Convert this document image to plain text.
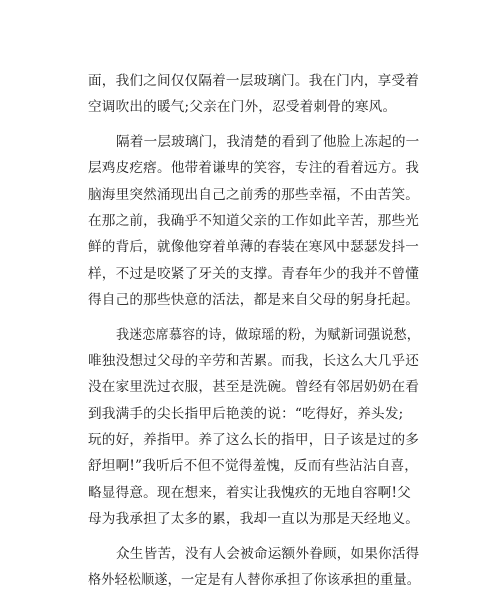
面，我们之间仅仅隔着一层玻璃门。我在门内，享受着
空调吹出的暖气;父亲在门外，忍受着刺骨的寒风。
隔着一层玻璃门，我清楚的看到了他脸上冻起的一
层鸡皮疙瘩。他带着谦卑的笑容，专注的看着远方。我
脑海里突然涌现出自己之前秀的那些幸福，不由苦笑。
在那之前，我确乎不知道父亲的工作如此辛苦，那些光
鲜的背后，就像他穿着单薄的春装在寒风中瑟瑟发抖一
样，不过是咬紧了牙关的支撑。青春年少的我并不曾懂
得自己的那些快意的活法，都是来自父母的躬身托起。
我迷恋席慕容的诗，做琼瑶的粉，为赋新词强说愁，
唯独没想过父母的辛劳和苦累。而我，长这么大几乎还
没在家里洗过衣服，甚至是洗碗。曾经有邻居奶奶在看
到我满手的尖长指甲后艳羡的说：“吃得好，养头发;
玩的好，养指甲。养了这么长的指甲，日子该是过的多
舒坦啊!”我听后不但不觉得羞愧，反而有些沾沾自喜，
略显得意。现在想来，着实让我愧疚的无地自容啊!父
母为我承担了太多的累，我却一直以为那是天经地义。
众生皆苦，没有人会被命运额外眷顾，如果你活得
格外轻松顺遂，一定是有人替你承担了你该承担的重量。
